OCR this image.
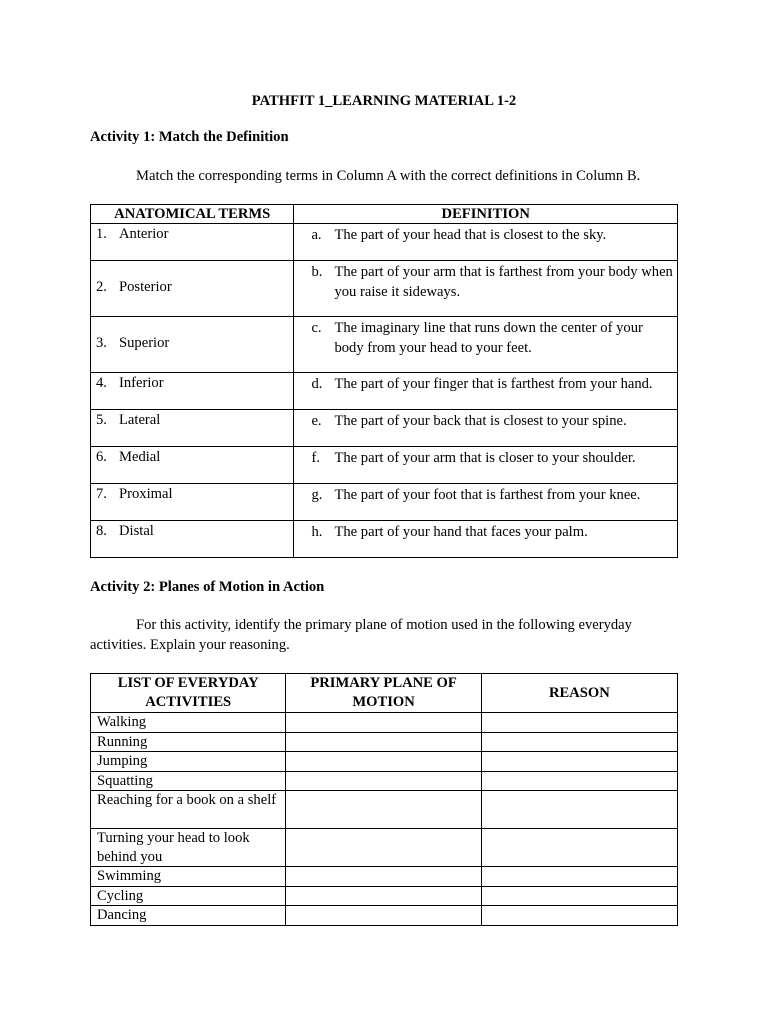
PATHFIT 1_LEARNING MATERIAL 1-2
Activity 1: Match the Definition

Match the corresponding terms in Column A with the correct definitions in Column B.

ANATOMICAL TERMS	DEFINITION

1. Anterior	a. The part of your head that is closest to the sky.

2. Posterior	b. The part of your arm that is farthest from your body when you raise it sideways.

3. Superior	c. The imaginary line that runs down the center of your body from your head to your feet.

4. Inferior	d. The part of your finger that is farthest from your hand.

5. Lateral	e. The part of your back that is closest to your spine.

6. Medial	f. The part of your arm that is closer to your shoulder.

7. Proximal	g. The part of your foot that is farthest from your knee.

8. Distal	h. The part of your hand that faces your palm.
Activity 2: Planes of Motion in Action

For this activity, identify the primary plane of motion used in the following everyday activities. Explain your reasoning.

LIST OF EVERYDAY ACTIVITIES	PRIMARY PLANE OF MOTION	REASON
Walking		
Running		
Jumping		
Squatting		
Reaching for a book on a shelf		
Turning your head to look behind you		
Swimming		
Cycling		
Dancing		
